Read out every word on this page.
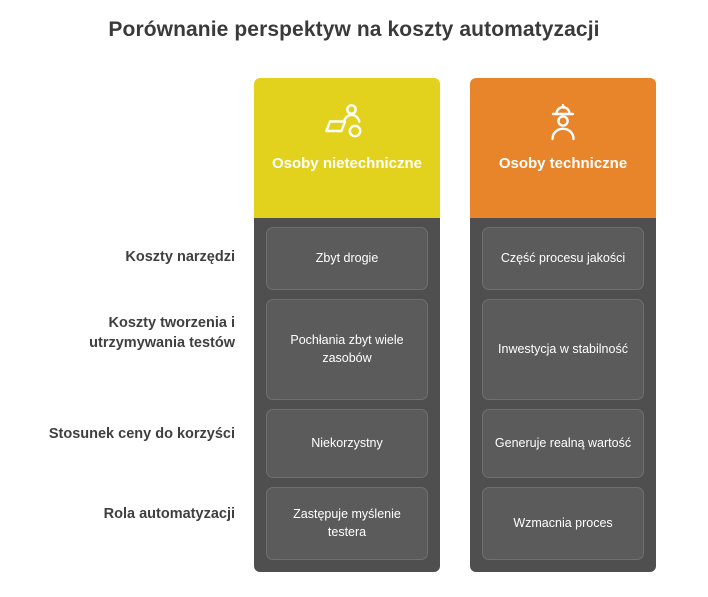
Porównanie perspektyw na koszty automatyzacji
Koszty narzędzi
Koszty tworzenia i utrzymywania testów
Stosunek ceny do korzyści
Rola automatyzacji
Osoby nietechniczne
Zbyt drogie
Pochłania zbyt wiele zasobów
Niekorzystny
Zastępuje myślenie testera
Osoby techniczne
Część procesu jakości
Inwestycja w stabilność
Generuje realną wartość
Wzmacnia proces
